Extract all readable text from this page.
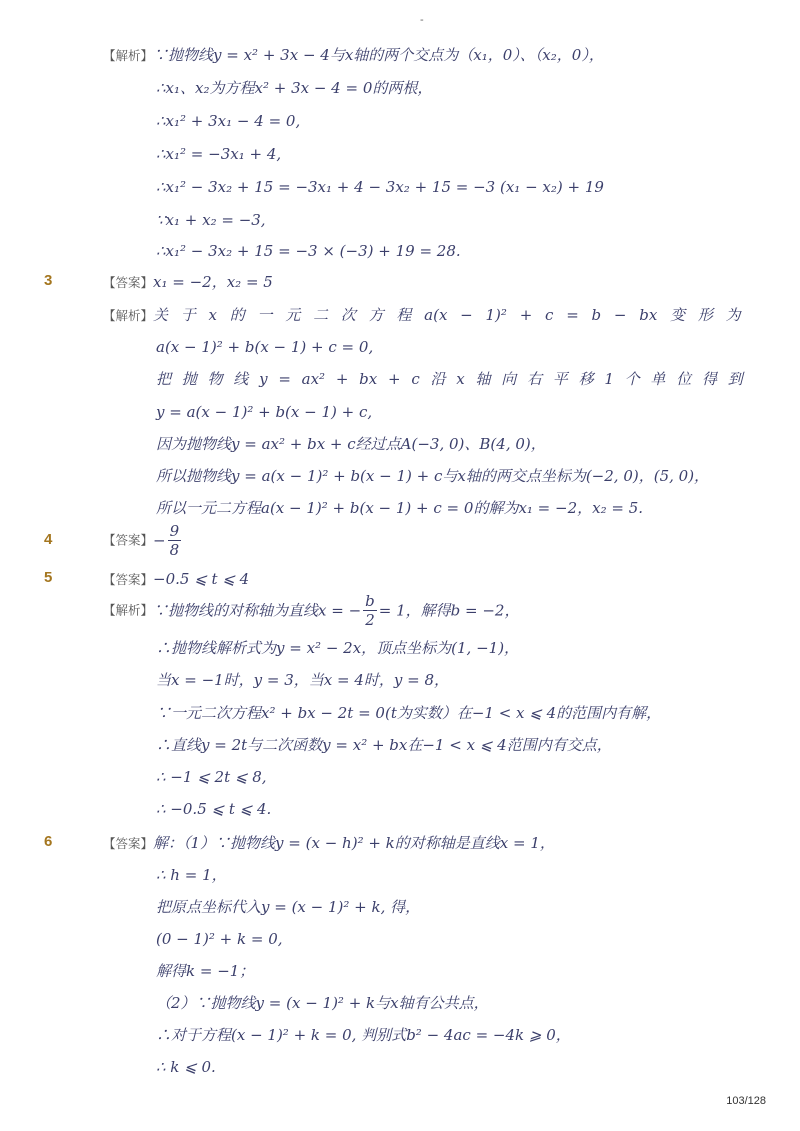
-
【解析】∵抛物线y = x² + 3x − 4与x轴的两个交点为（x₁，0）、（x₂，0），
∴x₁、x₂为方程x² + 3x − 4 = 0的两根，
∴x₁² + 3x₁ − 4 = 0,
∴x₁² = −3x₁ + 4,
∴x₁² − 3x₂ + 15 = −3x₁ + 4 − 3x₂ + 15 = −3 (x₁ − x₂) + 19
∵x₁ + x₂ = −3,
∴x₁² − 3x₂ + 15 = −3 × (−3) + 19 = 28.
3	【答案】x₁ = −2，x₂ = 5
【解析】关 于 x 的 一 元 二 次 方 程 a(x − 1)² + c = b − bx 变 形 为
a(x − 1)² + b(x − 1) + c = 0,
把 抛 物 线 y = ax² + bx + c 沿 x 轴 向 右 平 移 1 个 单 位 得 到
y = a(x − 1)² + b(x − 1) + c,
因为抛物线y = ax² + bx + c经过点A(−3, 0)、B(4, 0)，
所以抛物线y = a(x − 1)² + b(x − 1) + c与x轴的两交点坐标为(−2, 0)，(5, 0)，
所以一元二方程a(x − 1)² + b(x − 1) + c = 0的解为x₁ = −2，x₂ = 5.
4	【答案】− $\frac{9}{8}$
5	【答案】−0.5 ⩽ t ⩽ 4
【解析】∵抛物线的对称轴为直线x = − $\frac{b}{2} = 1$，解得b = −2，
∴抛物线解析式为y = x² − 2x，顶点坐标为(1, −1)，
当x = −1时，y = 3，当x = 4时，y = 8，
∵一元二次方程x² + bx − 2t = 0(t为实数）在−1 < x ⩽ 4的范围内有解，
∴直线y = 2t与二次函数y = x² + bx在−1 < x ⩽ 4范围内有交点，
∴ −1 ⩽ 2t ⩽ 8,
∴ −0.5 ⩽ t ⩽ 4.
6	【答案】解：（1）∵抛物线y = (x − h)² + k的对称轴是直线x = 1，
∴ h = 1，
把原点坐标代入y = (x − 1)² + k, 得，
(0 − 1)² + k = 0,
解得k = −1；
（2）∵抛物线y = (x − 1)² + k与x轴有公共点，
∴对于方程(x − 1)² + k = 0, 判别式b² − 4ac = −4k ⩾ 0，
∴ k ⩽ 0.
103/128
